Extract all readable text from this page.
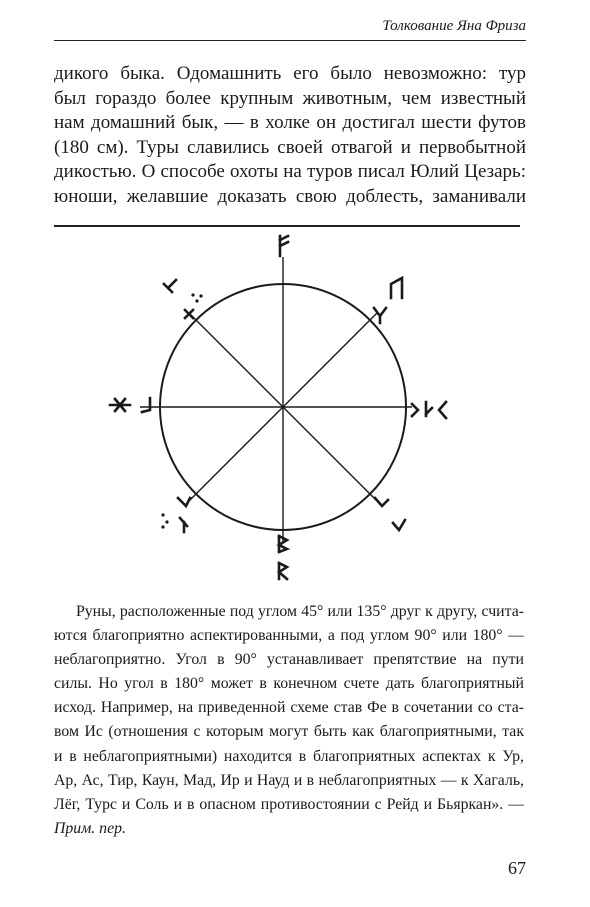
Толкование Яна Фриза
дикого быка. Одомашнить его было невозможно: тур
был гораздо более крупным животным, чем известный
нам домашний бык, — в холке он достигал шести футов
(180 см). Туры славились своей отвагой и первобытной
дикостью. О способе охоты на туров писал Юлий Цезарь:
юноши, желавшие доказать свою доблесть, заманивали
Руны, расположенные под углом 45° или 135° друг к другу, счита-
ются благоприятно аспектированными, а под углом 90° или 180° —
неблагоприятно. Угол в 90° устанавливает препятствие на пути
силы. Но угол в 180° может в конечном счете дать благоприятный
исход. Например, на приведенной схеме став Фе в сочетании со ста-
вом Ис (отношения с которым могут быть как благоприятными, так
и в неблагоприятными) находится в благоприятных аспектах к Ур,
Ар, Ас, Тир, Каун, Мад, Ир и Науд и в неблагоприятных — к Хагаль,
Лёг, Турс и Соль и в опасном противостоянии с Рейд и Бьяркан». —
Прим. пер.
67
